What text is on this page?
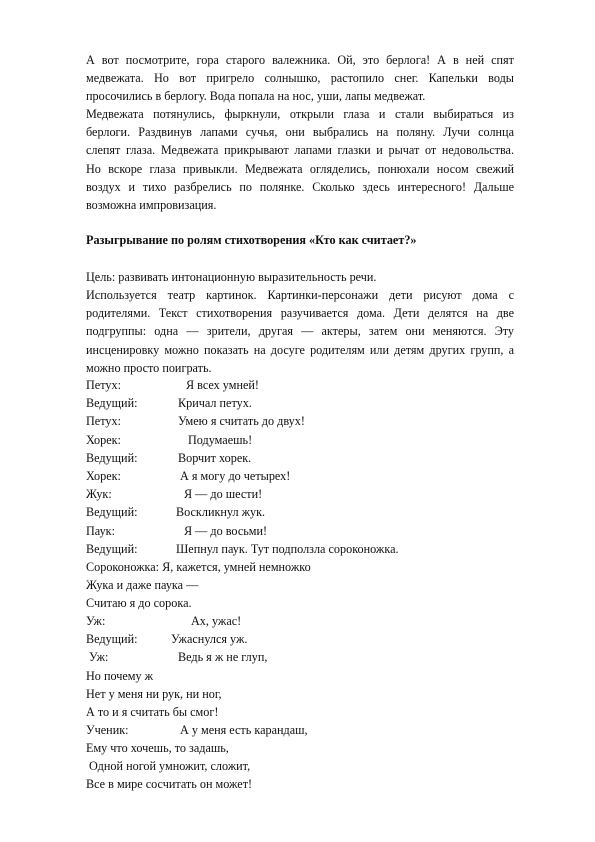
А вот посмотрите, гора старого валежника. Ой, это берлога! А в ней спят

медвежата. Но вот пригрело солнышко, растопило снег. Капельки воды

просочились в берлогу. Вода попала на нос, уши, лапы медвежат.

Медвежата потянулись, фыркнули, открыли глаза и стали выбираться из

берлоги. Раздвинув лапами сучья, они выбрались на поляну. Лучи солнца

слепят глаза. Медвежата прикрывают лапами глазки и рычат от недовольства.

Но вскоре глаза привыкли. Медвежата огляделись, понюхали носом свежий

воздух и тихо разбрелись по полянке. Сколько здесь интересного! Дальше

возможна импровизация.

Разыгрывание по ролям стихотворения «Кто как считает?»
Цель: развивать интонационную выразительность речи.

Используется театр картинок. Картинки-персонажи дети рисуют дома с

родителями. Текст стихотворения разучивается дома. Дети делятся на две

подгруппы: одна — зрители, другая — актеры, затем они меняются. Эту

инсценировку можно показать на досуге родителям или детям других групп, а

можно просто поиграть.

Петух:	Я всех умней!
Ведущий:	Кричал петух.
Петух:	Умею я считать до двух!
Хорек:	Подумаешь!
Ведущий:	Ворчит хорек.
Хорек:	А я могу до четырех!
Жук:	Я — до шести!
Ведущий:	Воскликнул жук.
Паук:	Я — до восьми!
Ведущий:	Шепнул паук. Тут подползла сороконожка.
Сороконожка: Я, кажется, умней немножко
Жука и даже паука —
Считаю я до сорока.
Уж:	Ах, ужас!
Ведущий:	Ужаснулся уж.
Уж:	Ведь я ж не глуп,
Но почему ж
Нет у меня ни рук, ни ног,
А то и я считать бы смог!
Ученик:	А у меня есть карандаш,
Ему что хочешь, то задашь,
Одной ногой умножит, сложит,
Все в мире сосчитать он может!
